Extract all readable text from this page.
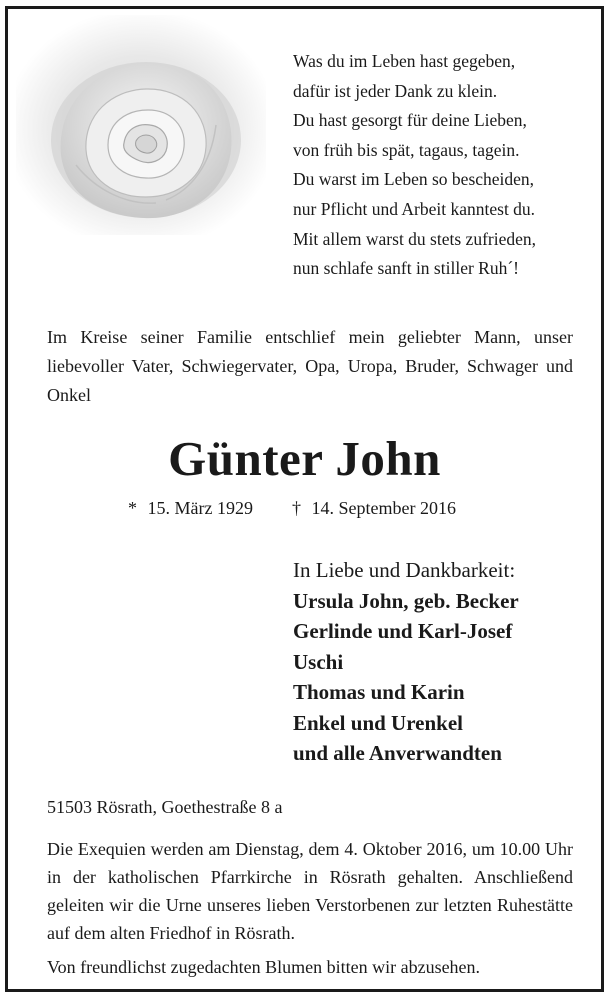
Was du im Leben hast gegeben,
dafür ist jeder Dank zu klein.
Du hast gesorgt für deine Lieben,
von früh bis spät, tagaus, tagein.
Du warst im Leben so bescheiden,
nur Pflicht und Arbeit kanntest du.
Mit allem warst du stets zufrieden,
nun schlafe sanft in stiller Ruh´!
Im Kreise seiner Familie entschlief mein geliebter Mann, unser liebevoller Vater, Schwiegervater, Opa, Uropa, Bruder, Schwager und Onkel
Günter John
* 15. März 1929 † 14. September 2016
In Liebe und Dankbarkeit:
Ursula John, geb. Becker
Gerlinde und Karl-Josef
Uschi
Thomas und Karin
Enkel und Urenkel
und alle Anverwandten
51503 Rösrath, Goethestraße 8 a
Die Exequien werden am Dienstag, dem 4. Oktober 2016, um 10.00 Uhr in der katholischen Pfarrkirche in Rösrath gehalten. Anschließend geleiten wir die Urne unseres lieben Verstorbenen zur letzten Ruhestätte auf dem alten Friedhof in Rösrath.
Von freundlichst zugedachten Blumen bitten wir abzusehen.
